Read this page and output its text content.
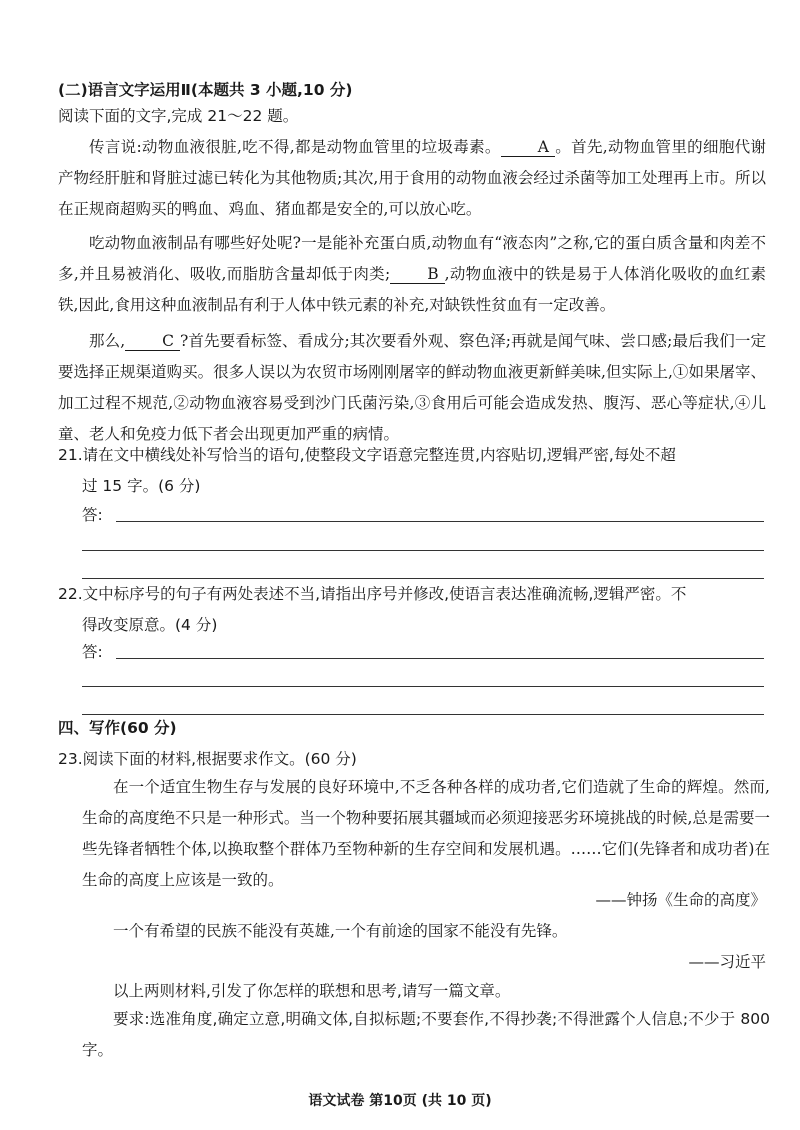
(二)语言文字运用Ⅱ(本题共 3 小题,10 分)
阅读下面的文字,完成 21～22 题。
传言说:动物血液很脏,吃不得,都是动物血管里的垃圾毒素。 A 。首先,动物血管里的细胞代谢产物经肝脏和肾脏过滤已转化为其他物质;其次,用于食用的动物血液会经过杀菌等加工处理再上市。所以在正规商超购买的鸭血、鸡血、猪血都是安全的,可以放心吃。
吃动物血液制品有哪些好处呢?一是能补充蛋白质,动物血有“液态肉”之称,它的蛋白质含量和肉差不多,并且易被消化、吸收,而脂肪含量却低于肉类; B ,动物血液中的铁是易于人体消化吸收的血红素铁,因此,食用这种血液制品有利于人体中铁元素的补充,对缺铁性贫血有一定改善。
那么, C ?首先要看标签、看成分;其次要看外观、察色泽;再就是闻气味、尝口感;最后我们一定要选择正规渠道购买。很多人误以为农贸市场刚刚屠宰的鲜动物血液更新鲜美味,但实际上,①如果屠宰、加工过程不规范,②动物血液容易受到沙门氏菌污染,③食用后可能会造成发热、腹泻、恶心等症状,④儿童、老人和免疫力低下者会出现更加严重的病情。
21.请在文中横线处补写恰当的语句,使整段文字语意完整连贯,内容贴切,逻辑严密,每处不超
过 15 字。(6 分)
答:
22.文中标序号的句子有两处表述不当,请指出序号并修改,使语言表达准确流畅,逻辑严密。不
得改变原意。(4 分)
答:
四、写作(60 分)
23.阅读下面的材料,根据要求作文。(60 分)
在一个适宜生物生存与发展的良好环境中,不乏各种各样的成功者,它们造就了生命的辉煌。然而,生命的高度绝不只是一种形式。当一个物种要拓展其疆域而必须迎接恶劣环境挑战的时候,总是需要一些先锋者牺牲个体,以换取整个群体乃至物种新的生存空间和发展机遇。……它们(先锋者和成功者)在生命的高度上应该是一致的。
——钟扬《生命的高度》
一个有希望的民族不能没有英雄,一个有前途的国家不能没有先锋。
——习近平
以上两则材料,引发了你怎样的联想和思考,请写一篇文章。
要求:选准角度,确定立意,明确文体,自拟标题;不要套作,不得抄袭;不得泄露个人信息;不少于 800 字。
语文试卷 第10页 (共 10 页)
